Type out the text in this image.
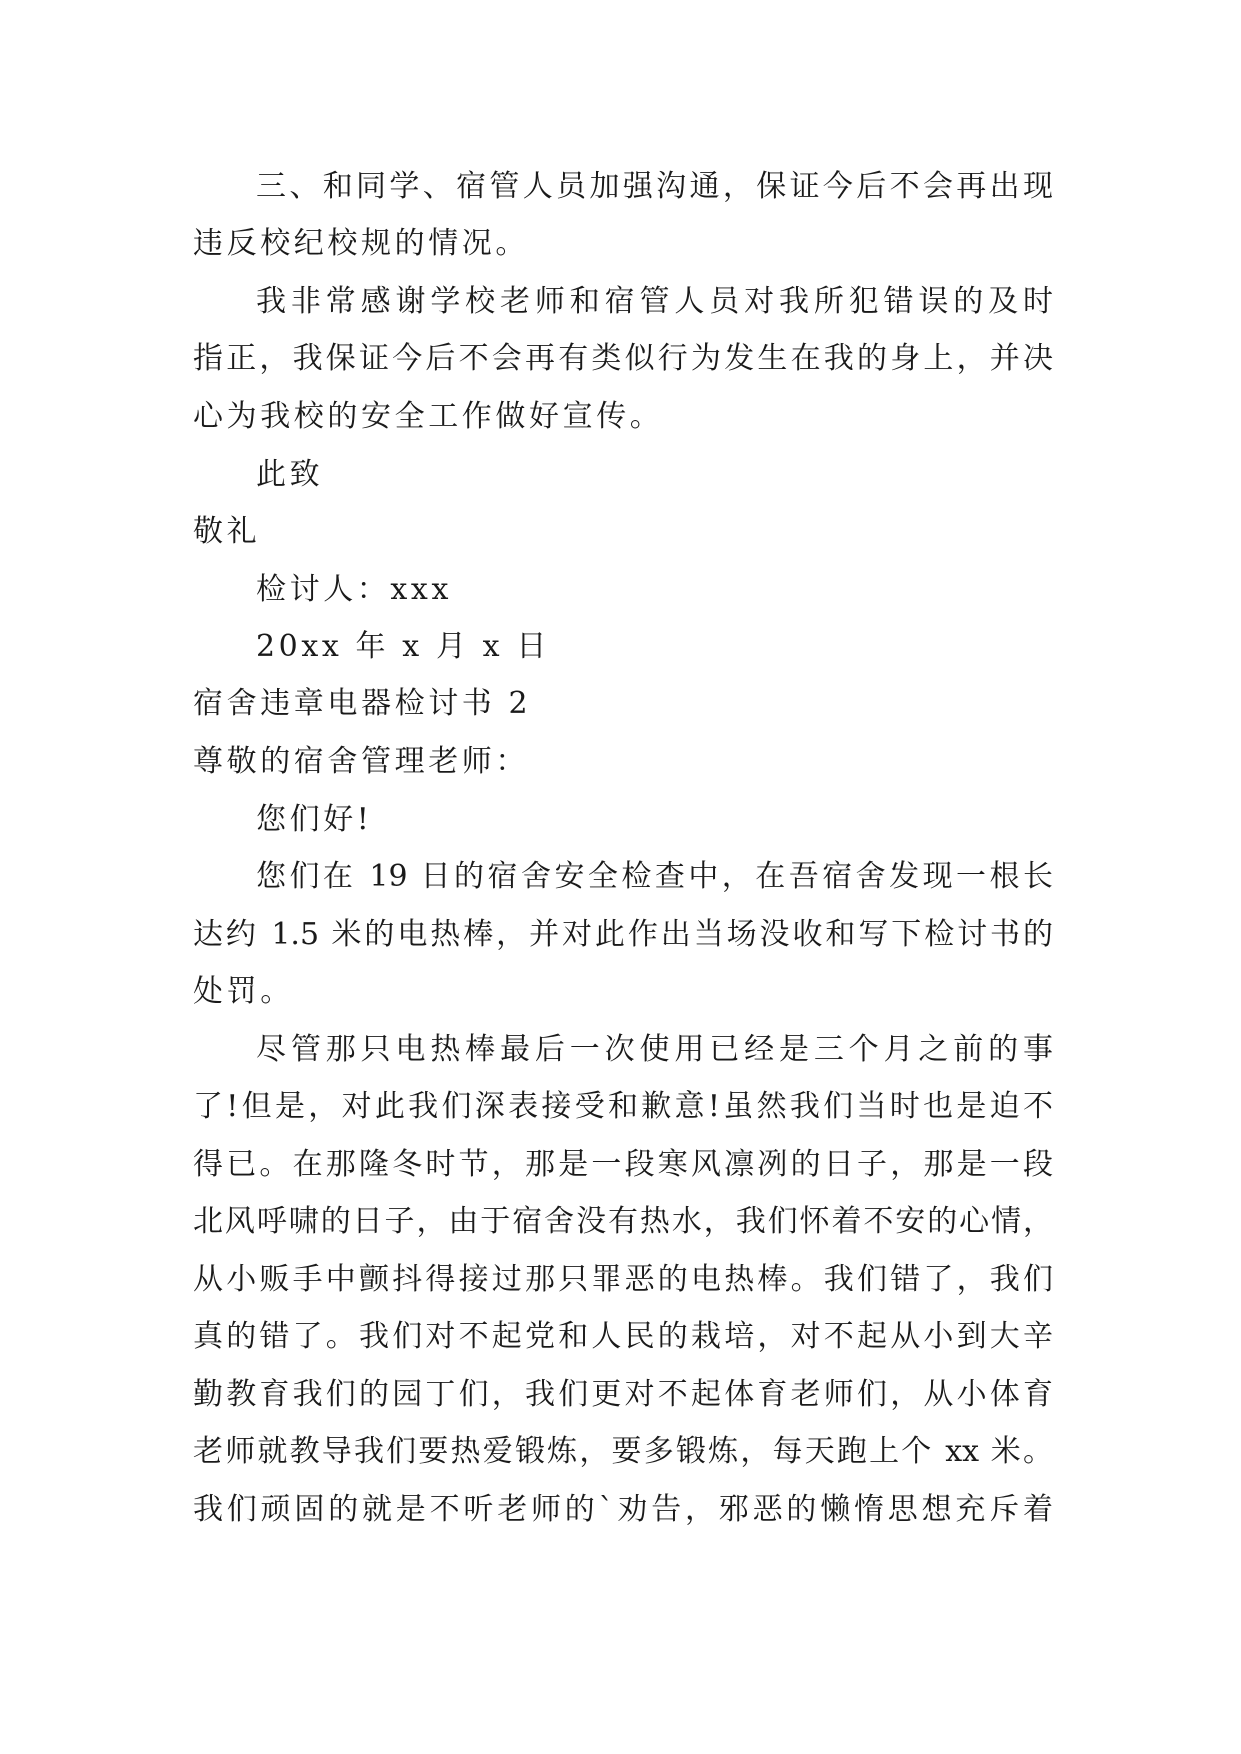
三、和同学、宿管人员加强沟通，保证今后不会再出现
违反校纪校规的情况。
我非常感谢学校老师和宿管人员对我所犯错误的及时
指正，我保证今后不会再有类似行为发生在我的身上，并决
心为我校的安全工作做好宣传。
此致
敬礼
检讨人：xxx
20xx 年 x 月 x 日
宿舍违章电器检讨书 2
尊敬的宿舍管理老师：
您们好!
您们在 19 日的宿舍安全检查中，在吾宿舍发现一根长
达约 1.5 米的电热棒，并对此作出当场没收和写下检讨书的
处罚。
尽管那只电热棒最后一次使用已经是三个月之前的事
了!但是，对此我们深表接受和歉意!虽然我们当时也是迫不
得已。在那隆冬时节，那是一段寒风凛冽的日子，那是一段
北风呼啸的日子，由于宿舍没有热水，我们怀着不安的心情，
从小贩手中颤抖得接过那只罪恶的电热棒。我们错了，我们
真的错了。我们对不起党和人民的栽培，对不起从小到大辛
勤教育我们的园丁们，我们更对不起体育老师们，从小体育
老师就教导我们要热爱锻炼，要多锻炼，每天跑上个 xx 米。
我们顽固的就是不听老师的`劝告，邪恶的懒惰思想充斥着
